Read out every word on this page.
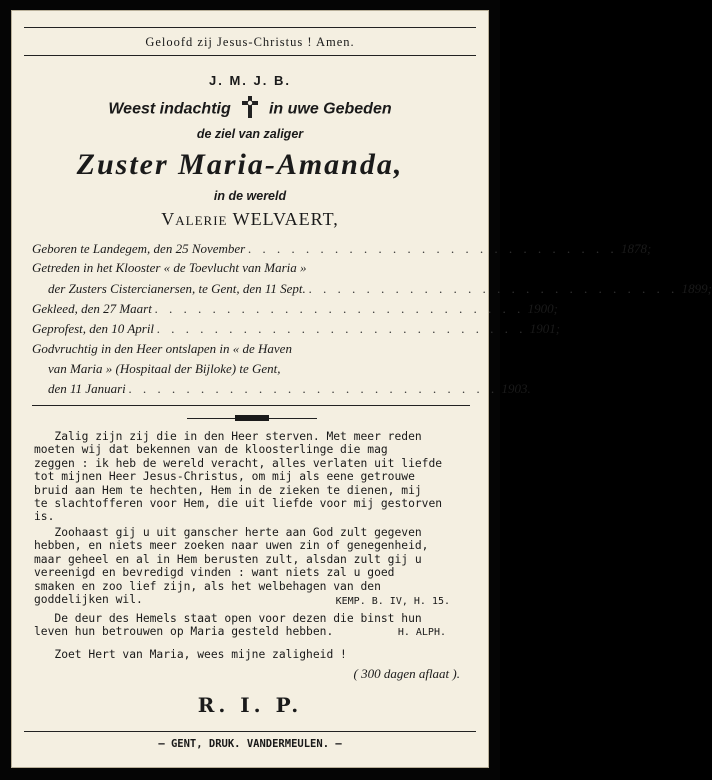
Geloofd zij Jesus-Christus ! Amen.
J. M. J. B.
Weest indachtig in uwe Gebeden
de ziel van zaliger
Zuster Maria-Amanda,
in de wereld
Valerie WELVAERT,
Geboren te Landegem, den 25 November . . . . . . . . . . . . . . . . . . . . . . . . . . 1878;
Getreden in het Klooster « de Toevlucht van Maria »
der Zusters Cistercianersen, te Gent, den 11 Sept. . . . . . . . . . . . . . . . . . . . . . . . . . . 1899;
Gekleed, den 27 Maart . . . . . . . . . . . . . . . . . . . . . . . . . . 1900;
Geprofest, den 10 April . . . . . . . . . . . . . . . . . . . . . . . . . . 1901;
Godvruchtig in den Heer ontslapen in « de Haven
van Maria » (Hospitaal der Bijloke) te Gent,
den 11 Januari . . . . . . . . . . . . . . . . . . . . . . . . . . 1903.
Zalig zijn zij die in den Heer sterven. Met meer reden
moeten wij dat bekennen van de kloosterlinge die mag
zeggen : ik heb de wereld veracht, alles verlaten uit liefde
tot mijnen Heer Jesus-Christus, om mij als eene getrouwe
bruid aan Hem te hechten, Hem in de zieken te dienen, mij
te slachtofferen voor Hem, die uit liefde voor mij gestorven
is.
Zoohaast gij u uit ganscher herte aan God zult gegeven
hebben, en niets meer zoeken naar uwen zin of genegenheid,
maar geheel en al in Hem berusten zult, alsdan zult gij u
vereenigd en bevredigd vinden : want niets zal u goed
smaken en zoo lief zijn, als het welbehagen van den
goddelijken wil.	KEMP. B. IV, H. 15.
De deur des Hemels staat open voor dezen die binst hun
leven hun betrouwen op Maria gesteld hebben.	H. ALPH.
Zoet Hert van Maria, wees mijne zaligheid !
( 300 dagen aflaat ).
R. I. P.
— GENT, DRUK. VANDERMEULEN. —
